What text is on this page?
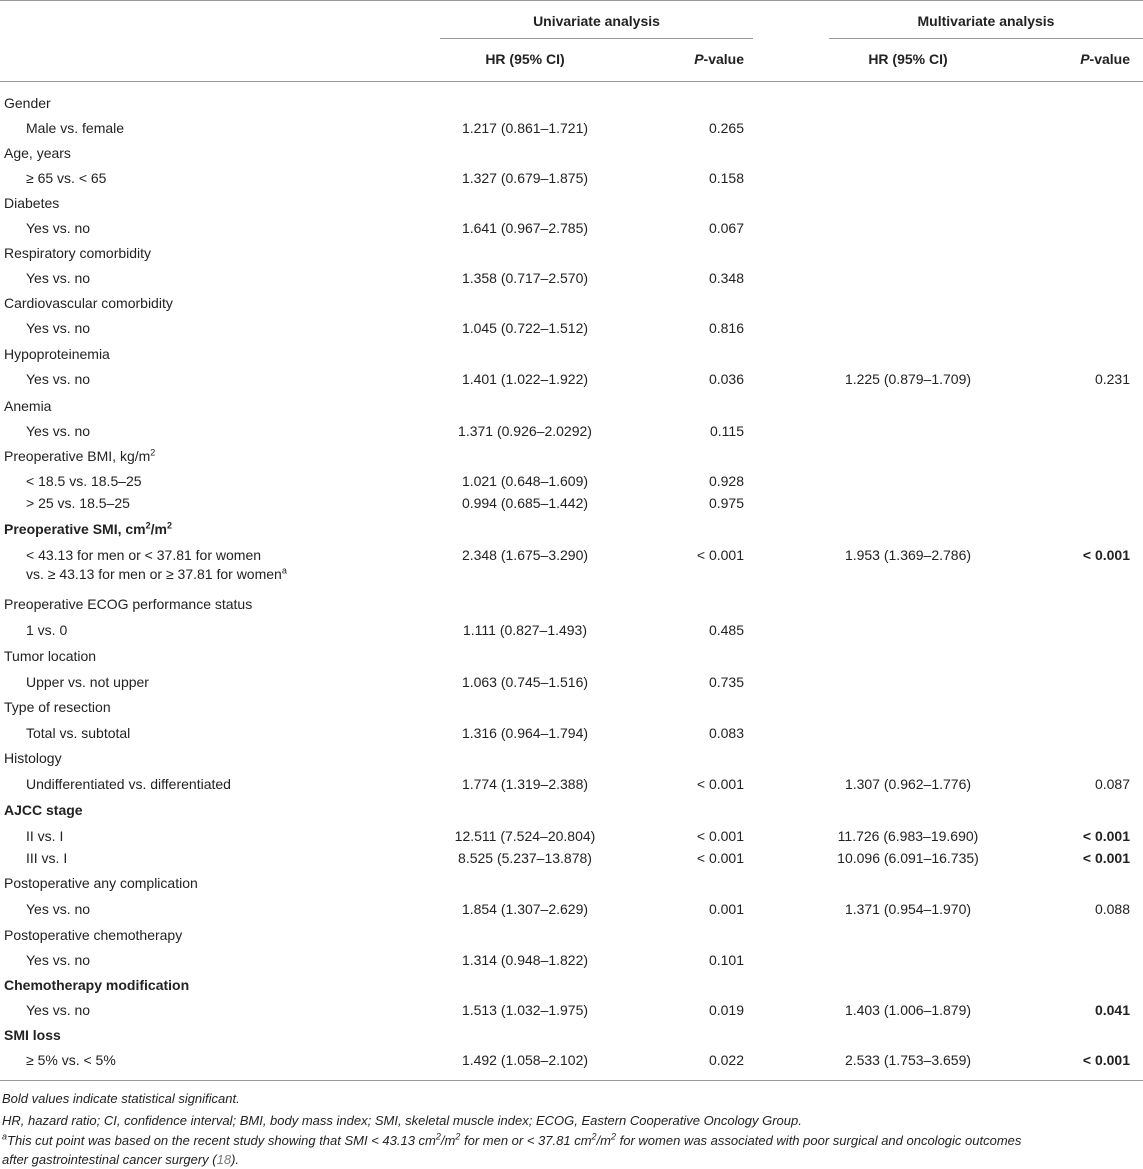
Univariate analysis	Multivariate analysis
HR (95% CI)	P-value	HR (95% CI)	P-value
Gender
Male vs. female	1.217 (0.861–1.721)	0.265
Age, years
≥ 65 vs. < 65	1.327 (0.679–1.875)	0.158
Diabetes
Yes vs. no	1.641 (0.967–2.785)	0.067
Respiratory comorbidity
Yes vs. no	1.358 (0.717–2.570)	0.348
Cardiovascular comorbidity
Yes vs. no	1.045 (0.722–1.512)	0.816
Hypoproteinemia
Yes vs. no	1.401 (1.022–1.922)	0.036	1.225 (0.879–1.709)	0.231
Anemia
Yes vs. no	1.371 (0.926–2.0292)	0.115
Preoperative BMI, $kg/m^2$
< 18.5 vs. 18.5–25	1.021 (0.648–1.609)	0.928
> 25 vs. 18.5–25	0.994 (0.685–1.442)	0.975
Preoperative SMI, $cm^2/m^2$
< 43.13 for men or < 37.81 for women
vs. ≥ 43.13 for men or ≥ 37.81 for women$^a$
2.348 (1.675–3.290)	< 0.001	1.953 (1.369–2.786)	< 0.001
Preoperative ECOG performance status
1 vs. 0	1.111 (0.827–1.493)	0.485
Tumor location
Upper vs. not upper	1.063 (0.745–1.516)	0.735
Type of resection
Total vs. subtotal	1.316 (0.964–1.794)	0.083
Histology
Undifferentiated vs. differentiated	1.774 (1.319–2.388)	< 0.001	1.307 (0.962–1.776)	0.087
AJCC stage
II vs. I	12.511 (7.524–20.804)	< 0.001	11.726 (6.983–19.690)	< 0.001
III vs. I	8.525 (5.237–13.878)	< 0.001	10.096 (6.091–16.735)	< 0.001
Postoperative any complication
Yes vs. no	1.854 (1.307–2.629)	0.001	1.371 (0.954–1.970)	0.088
Postoperative chemotherapy
Yes vs. no	1.314 (0.948–1.822)	0.101
Chemotherapy modification
Yes vs. no	1.513 (1.032–1.975)	0.019	1.403 (1.006–1.879)	0.041
SMI loss
≥ 5% vs. < 5%	1.492 (1.058–2.102)	0.022	2.533 (1.753–3.659)	< 0.001
Bold values indicate statistical significant.
HR, hazard ratio; CI, confidence interval; BMI, body mass index; SMI, skeletal muscle index; ECOG, Eastern Cooperative Oncology Group.
$^a$This cut point was based on the recent study showing that SMI < 43.13 $cm^2/m^2$ for men or < 37.81 $cm^2/m^2$ for women was associated with poor surgical and oncologic outcomes
after gastrointestinal cancer surgery (18).
